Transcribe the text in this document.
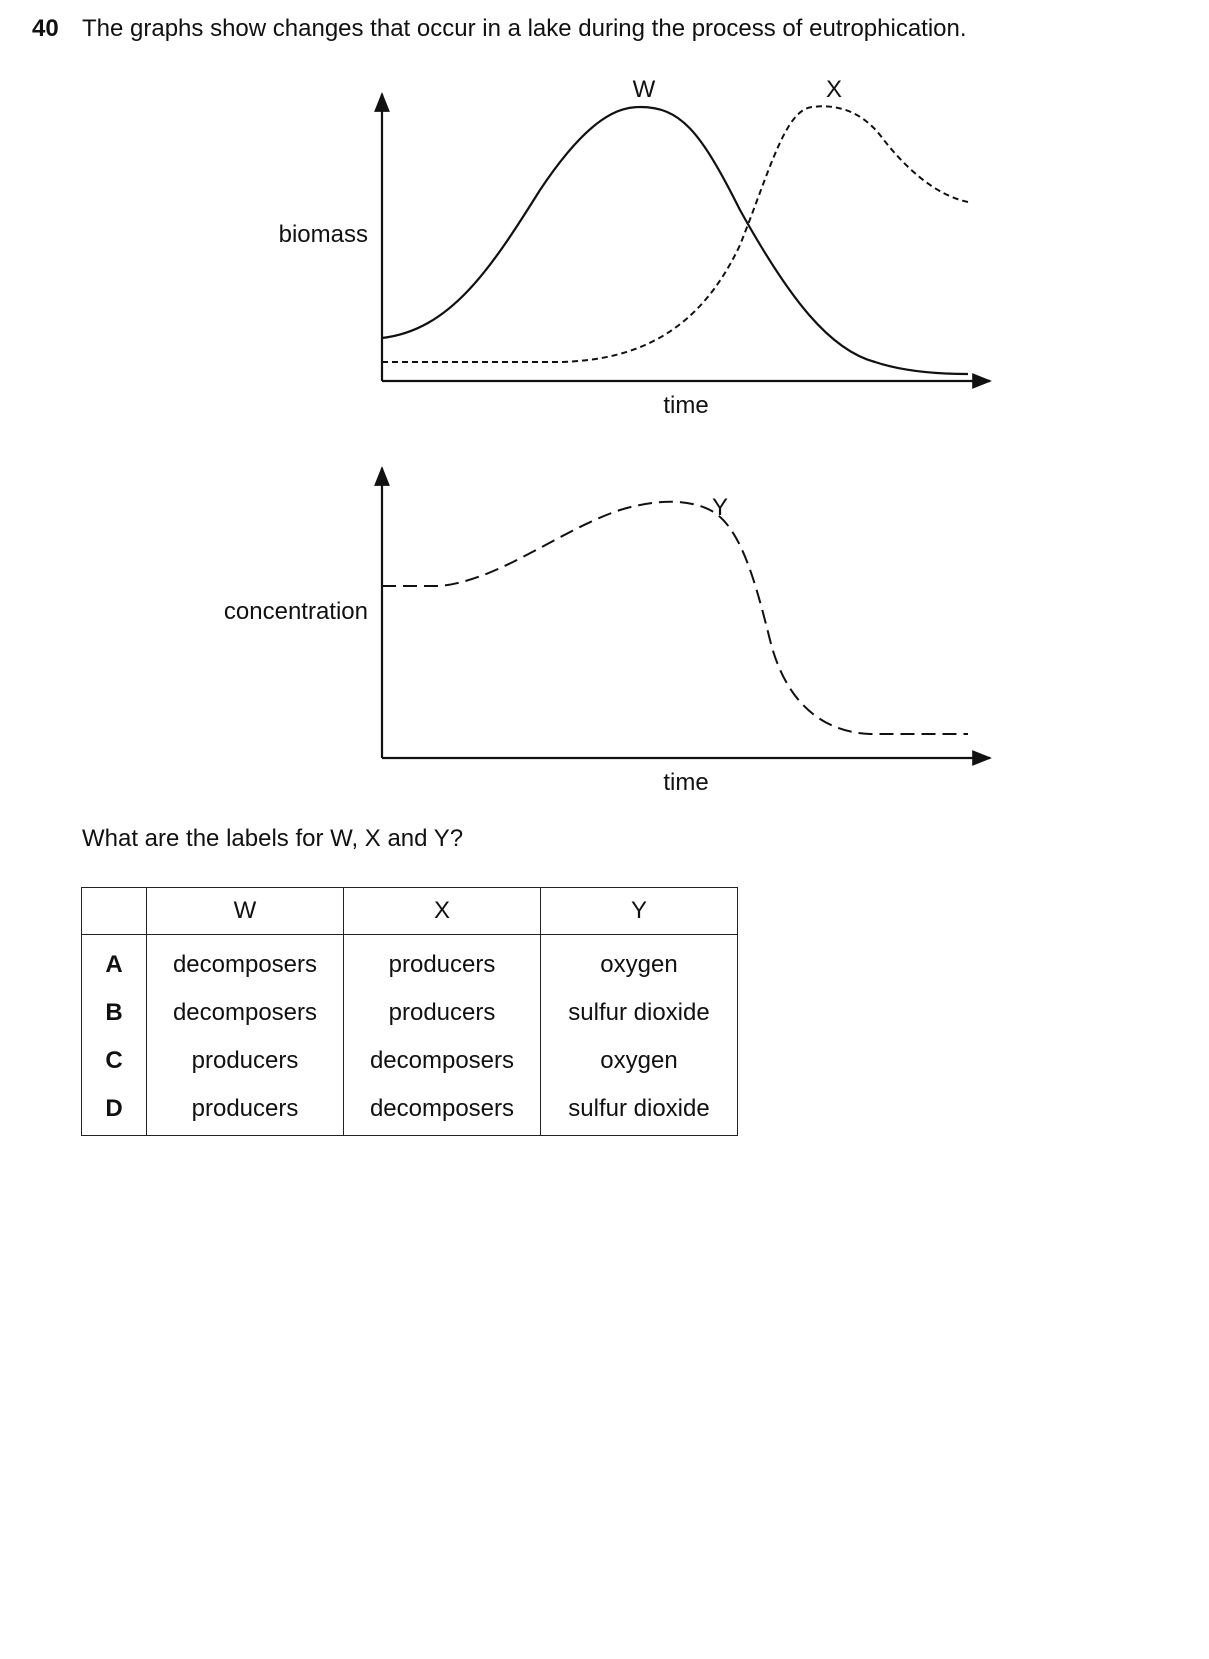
40 The graphs show changes that occur in a lake during the process of eutrophication.
W	X
biomass
time
Y
concentration
time
What are the labels for W, X and Y?
	W	X	Y
A	decomposers	producers	oxygen
B	decomposers	producers	sulfur dioxide
C	producers	decomposers	oxygen
D	producers	decomposers	sulfur dioxide
